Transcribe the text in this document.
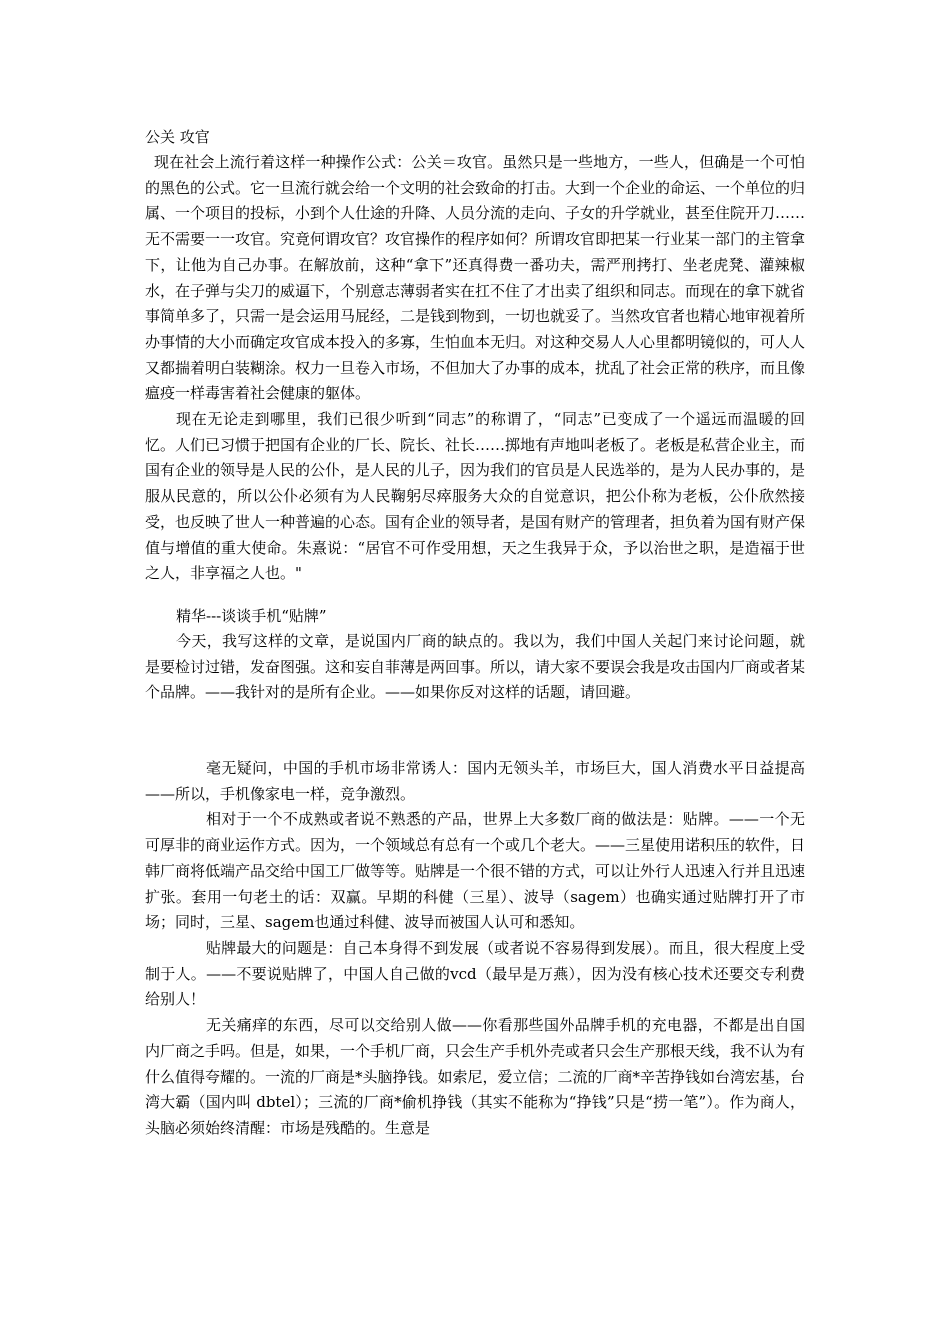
公关 攻官

现在社会上流行着这样一种操作公式：公关＝攻官。虽然只是一些地方，一些人，但确是一个可怕的黑色的公式。它一旦流行就会给一个文明的社会致命的打击。大到一个企业的命运、一个单位的归属、一个项目的投标，小到个人仕途的升降、人员分流的走向、子女的升学就业，甚至住院开刀……无不需要一一攻官。究竟何谓攻官？攻官操作的程序如何？所谓攻官即把某一行业某一部门的主管拿下，让他为自己办事。在解放前，这种“拿下”还真得费一番功夫，需严刑拷打、坐老虎凳、灌辣椒水，在子弹与尖刀的威逼下，个别意志薄弱者实在扛不住了才出卖了组织和同志。而现在的拿下就省事简单多了，只需一是会运用马屁经，二是钱到物到，一切也就妥了。当然攻官者也精心地审视着所办事情的大小而确定攻官成本投入的多寡，生怕血本无归。对这种交易人人心里都明镜似的，可人人又都揣着明白装糊涂。权力一旦卷入市场，不但加大了办事的成本，扰乱了社会正常的秩序，而且像瘟疫一样毒害着社会健康的躯体。

现在无论走到哪里，我们已很少听到“同志”的称谓了，“同志”已变成了一个遥远而温暖的回忆。人们已习惯于把国有企业的厂长、院长、社长……掷地有声地叫老板了。老板是私营企业主，而国有企业的领导是人民的公仆，是人民的儿子，因为我们的官员是人民选举的，是为人民办事的，是服从民意的，所以公仆必须有为人民鞠躬尽瘁服务大众的自觉意识，把公仆称为老板，公仆欣然接受，也反映了世人一种普遍的心态。国有企业的领导者，是国有财产的管理者，担负着为国有财产保值与增值的重大使命。朱熹说：“居官不可作受用想，天之生我异于众，予以治世之职，是造福于世之人，非享福之人也。"

精华---谈谈手机“贴牌”

今天，我写这样的文章，是说国内厂商的缺点的。我以为，我们中国人关起门来讨论问题，就是要检讨过错，发奋图强。这和妄自菲薄是两回事。所以，请大家不要误会我是攻击国内厂商或者某个品牌。——我针对的是所有企业。——如果你反对这样的话题，请回避。

毫无疑问，中国的手机市场非常诱人：国内无领头羊，市场巨大，国人消费水平日益提高——所以，手机像家电一样，竞争激烈。

相对于一个不成熟或者说不熟悉的产品，世界上大多数厂商的做法是：贴牌。——一个无可厚非的商业运作方式。因为，一个领域总有总有一个或几个老大。——三星使用诺积压的软件，日韩厂商将低端产品交给中国工厂做等等。贴牌是一个很不错的方式，可以让外行人迅速入行并且迅速扩张。套用一句老土的话：双赢。早期的科健（三星）、波导（sagem）也确实通过贴牌打开了市场；同时，三星、sagem也通过科健、波导而被国人认可和悉知。

贴牌最大的问题是：自己本身得不到发展（或者说不容易得到发展）。而且，很大程度上受制于人。——不要说贴牌了，中国人自己做的vcd（最早是万燕），因为没有核心技术还要交专利费给别人！

无关痛痒的东西，尽可以交给别人做——你看那些国外品牌手机的充电器，不都是出自国内厂商之手吗。但是，如果，一个手机厂商，只会生产手机外壳或者只会生产那根天线，我不认为有什么值得夸耀的。一流的厂商是*头脑挣钱。如索尼，爱立信；二流的厂商*辛苦挣钱如台湾宏基，台湾大霸（国内叫 dbtel）；三流的厂商*偷机挣钱（其实不能称为“挣钱”只是“捞一笔”）。作为商人，头脑必须始终清醒：市场是残酷的。生意是
